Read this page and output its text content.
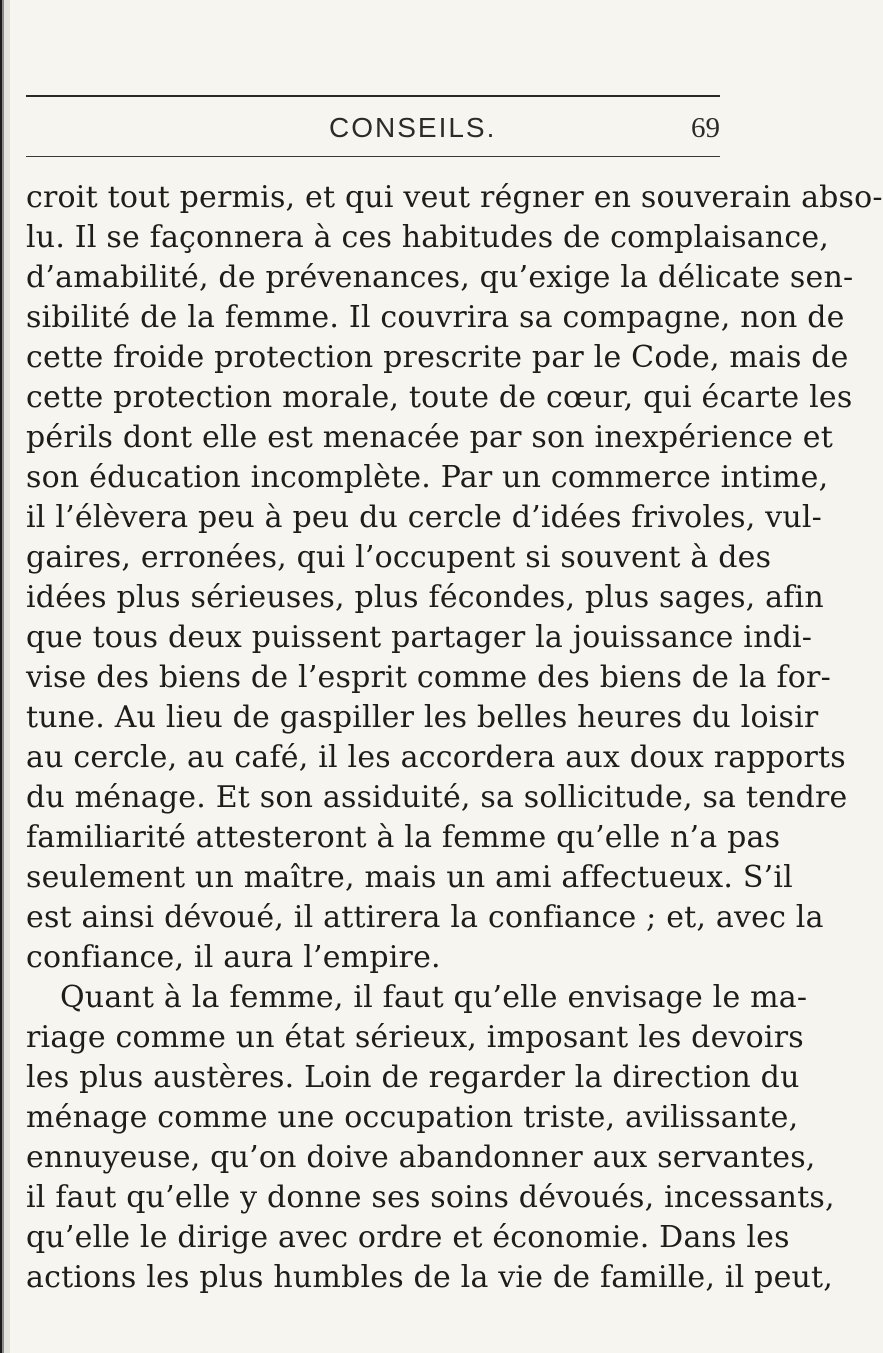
CONSEILS.	69
croit tout permis, et qui veut régner en souverain abso-
lu. Il se façonnera à ces habitudes de complaisance,
d’amabilité, de prévenances, qu’exige la délicate sen-
sibilité de la femme. Il couvrira sa compagne, non de
cette froide protection prescrite par le Code, mais de
cette protection morale, toute de cœur, qui écarte les
périls dont elle est menacée par son inexpérience et
son éducation incomplète. Par un commerce intime,
il l’élèvera peu à peu du cercle d’idées frivoles, vul-
gaires, erronées, qui l’occupent si souvent à des
idées plus sérieuses, plus fécondes, plus sages, afin
que tous deux puissent partager la jouissance indi-
vise des biens de l’esprit comme des biens de la for-
tune. Au lieu de gaspiller les belles heures du loisir
au cercle, au café, il les accordera aux doux rapports
du ménage. Et son assiduité, sa sollicitude, sa tendre
familiarité attesteront à la femme qu’elle n’a pas
seulement un maître, mais un ami affectueux. S’il
est ainsi dévoué, il attirera la confiance ; et, avec la
confiance, il aura l’empire.
Quant à la femme, il faut qu’elle envisage le ma-
riage comme un état sérieux, imposant les devoirs
les plus austères. Loin de regarder la direction du
ménage comme une occupation triste, avilissante,
ennuyeuse, qu’on doive abandonner aux servantes,
il faut qu’elle y donne ses soins dévoués, incessants,
qu’elle le dirige avec ordre et économie. Dans les
actions les plus humbles de la vie de famille, il peut,
